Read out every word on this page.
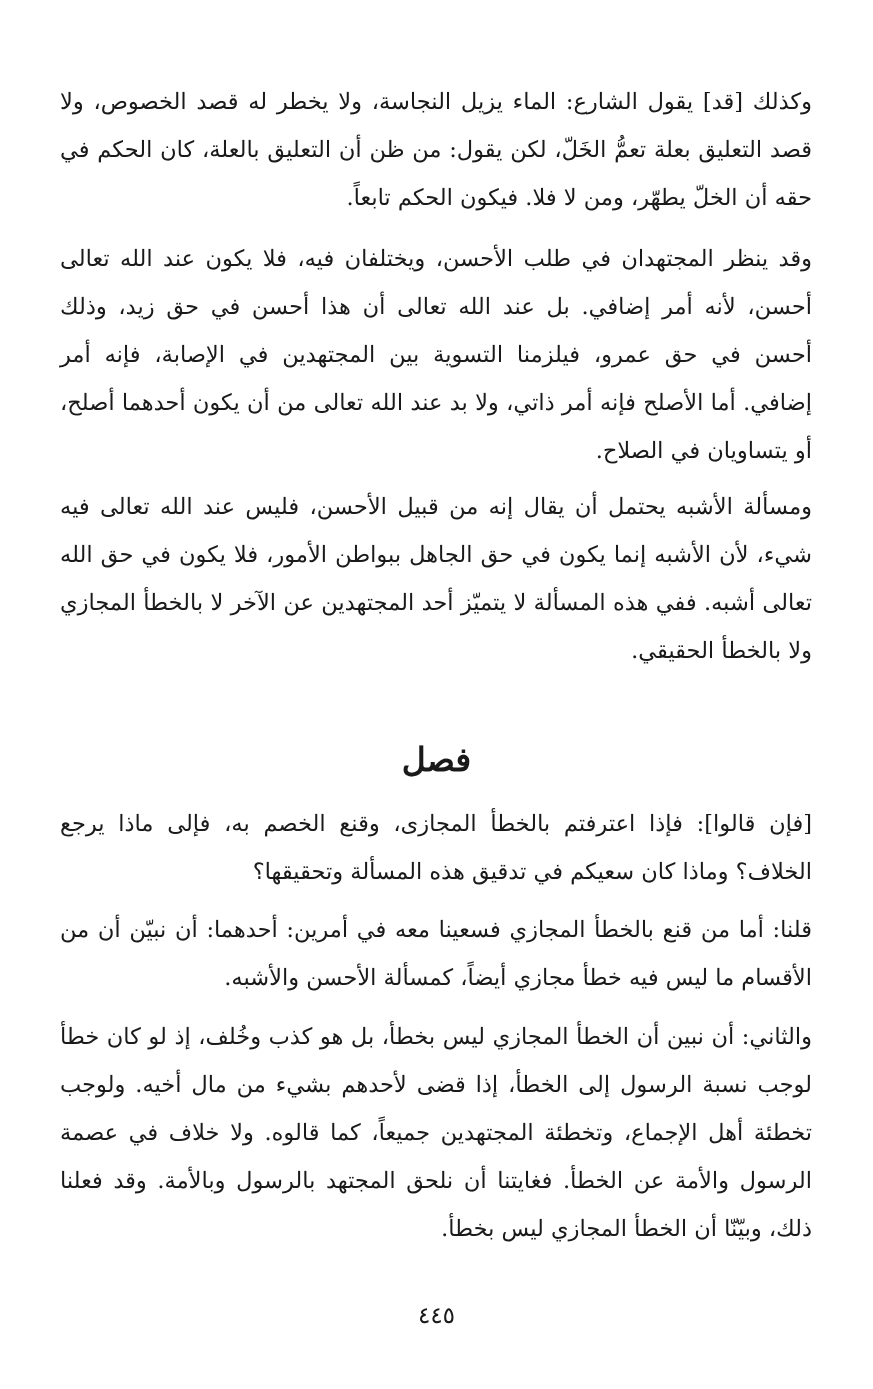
وكذلك [قد] يقول الشارع: الماء يزيل النجاسة، ولا يخطر له قصد الخصوص، ولا قصد التعليق بعلة تعمُّ الخَلّ، لكن يقول: من ظن أن التعليق بالعلة، كان الحكم في حقه أن الخلّ يطهّر، ومن لا فلا. فيكون الحكم تابعاً.

وقد ينظر المجتهدان في طلب الأحسن، ويختلفان فيه، فلا يكون عند الله تعالى أحسن، لأنه أمر إضافي. بل عند الله تعالى أن هذا أحسن في حق زيد، وذلك أحسن في حق عمرو، فيلزمنا التسوية بين المجتهدين في الإصابة، فإنه أمر إضافي. أما الأصلح فإنه أمر ذاتي، ولا بد عند الله تعالى من أن يكون أحدهما أصلح، أو يتساويان في الصلاح.

ومسألة الأشبه يحتمل أن يقال إنه من قبيل الأحسن، فليس عند الله تعالى فيه شيء، لأن الأشبه إنما يكون في حق الجاهل ببواطن الأمور، فلا يكون في حق الله تعالى أشبه. ففي هذه المسألة لا يتميّز أحد المجتهدين عن الآخر لا بالخطأ المجازي ولا بالخطأ الحقيقي.

فصل

[فإن قالوا]: فإذا اعترفتم بالخطأ المجازى، وقنع الخصم به، فإلى ماذا يرجع الخلاف؟ وماذا كان سعيكم في تدقيق هذه المسألة وتحقيقها؟

قلنا: أما من قنع بالخطأ المجازي فسعينا معه في أمرين: أحدهما: أن نبيّن أن من الأقسام ما ليس فيه خطأ مجازي أيضاً، كمسألة الأحسن والأشبه.

والثاني: أن نبين أن الخطأ المجازي ليس بخطأ، بل هو كذب وخُلف، إذ لو كان خطأ لوجب نسبة الرسول إلى الخطأ، إذا قضى لأحدهم بشيء من مال أخيه. ولوجب تخطئة أهل الإجماع، وتخطئة المجتهدين جميعاً، كما قالوه. ولا خلاف في عصمة الرسول والأمة عن الخطأ. فغايتنا أن نلحق المجتهد بالرسول وبالأمة. وقد فعلنا ذلك، وبيّنّا أن الخطأ المجازي ليس بخطأ.

٤٤٥
